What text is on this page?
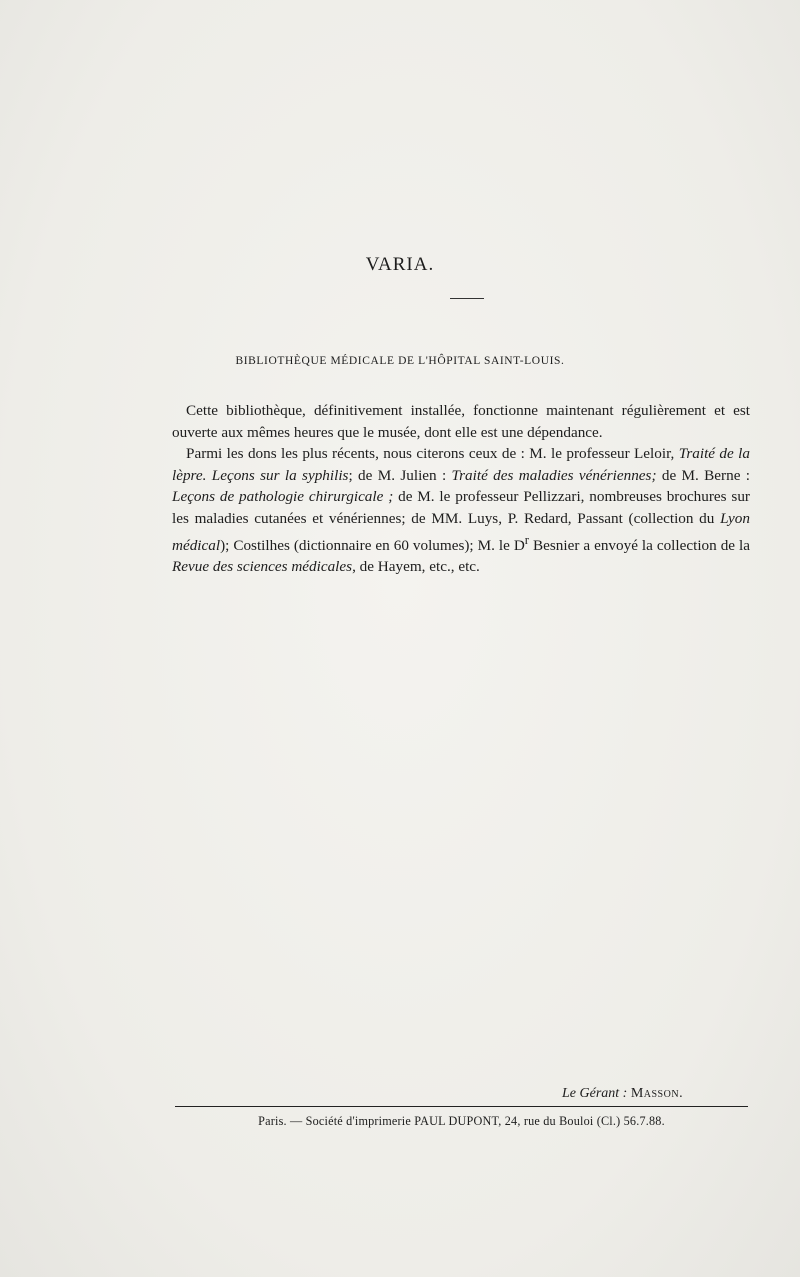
VARIA.
BIBLIOTHÈQUE MÉDICALE DE L'HÔPITAL SAINT-LOUIS.

Cette bibliothèque, définitivement installée, fonctionne maintenant régulièrement et est ouverte aux mêmes heures que le musée, dont elle est une dépendance.

Parmi les dons les plus récents, nous citerons ceux de : M. le professeur Leloir, Traité de la lèpre. Leçons sur la syphilis; de M. Julien : Traité des maladies vénériennes; de M. Berne : Leçons de pathologie chirurgicale ; de M. le professeur Pellizzari, nombreuses brochures sur les maladies cutanées et vénériennes; de MM. Luys, P. Redard, Passant (collection du Lyon médical); Costilhes (dictionnaire en 60 volumes); M. le $D^r$ Besnier a envoyé la collection de la Revue des sciences médicales, de Hayem, etc., etc.

Le Gérant : Masson.
Paris. — Société d'imprimerie PAUL DUPONT, 24, rue du Bouloi (Cl.) 56.7.88.
